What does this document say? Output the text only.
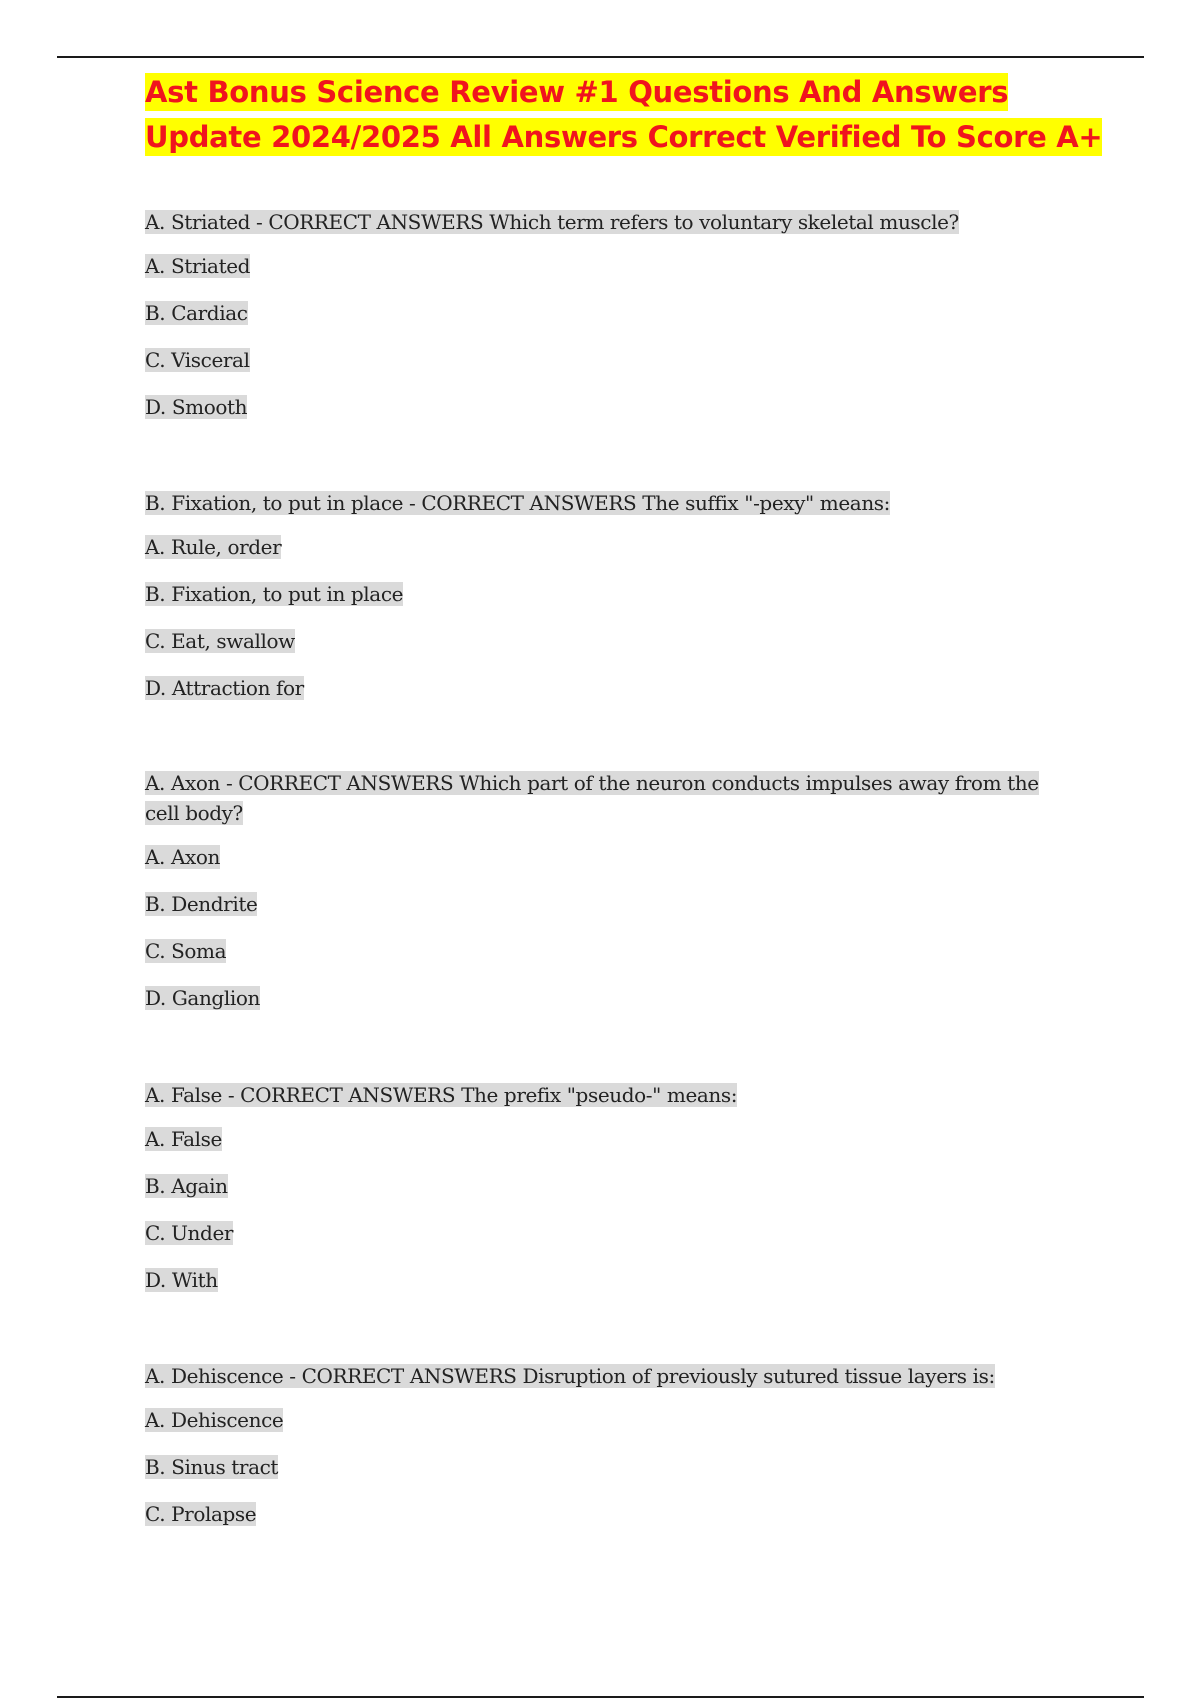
Ast Bonus Science Review #1 Questions And Answers
Update 2024/2025 All Answers Correct Verified To Score A+

A. Striated - CORRECT ANSWERS Which term refers to voluntary skeletal muscle?

A. Striated

B. Cardiac

C. Visceral

D. Smooth

B. Fixation, to put in place - CORRECT ANSWERS The suffix "-pexy" means:

A. Rule, order

B. Fixation, to put in place

C. Eat, swallow

D. Attraction for

A. Axon - CORRECT ANSWERS Which part of the neuron conducts impulses away from the cell body?

A. Axon

B. Dendrite

C. Soma

D. Ganglion

A. False - CORRECT ANSWERS The prefix "pseudo-" means:

A. False

B. Again

C. Under

D. With

A. Dehiscence - CORRECT ANSWERS Disruption of previously sutured tissue layers is:

A. Dehiscence

B. Sinus tract

C. Prolapse
